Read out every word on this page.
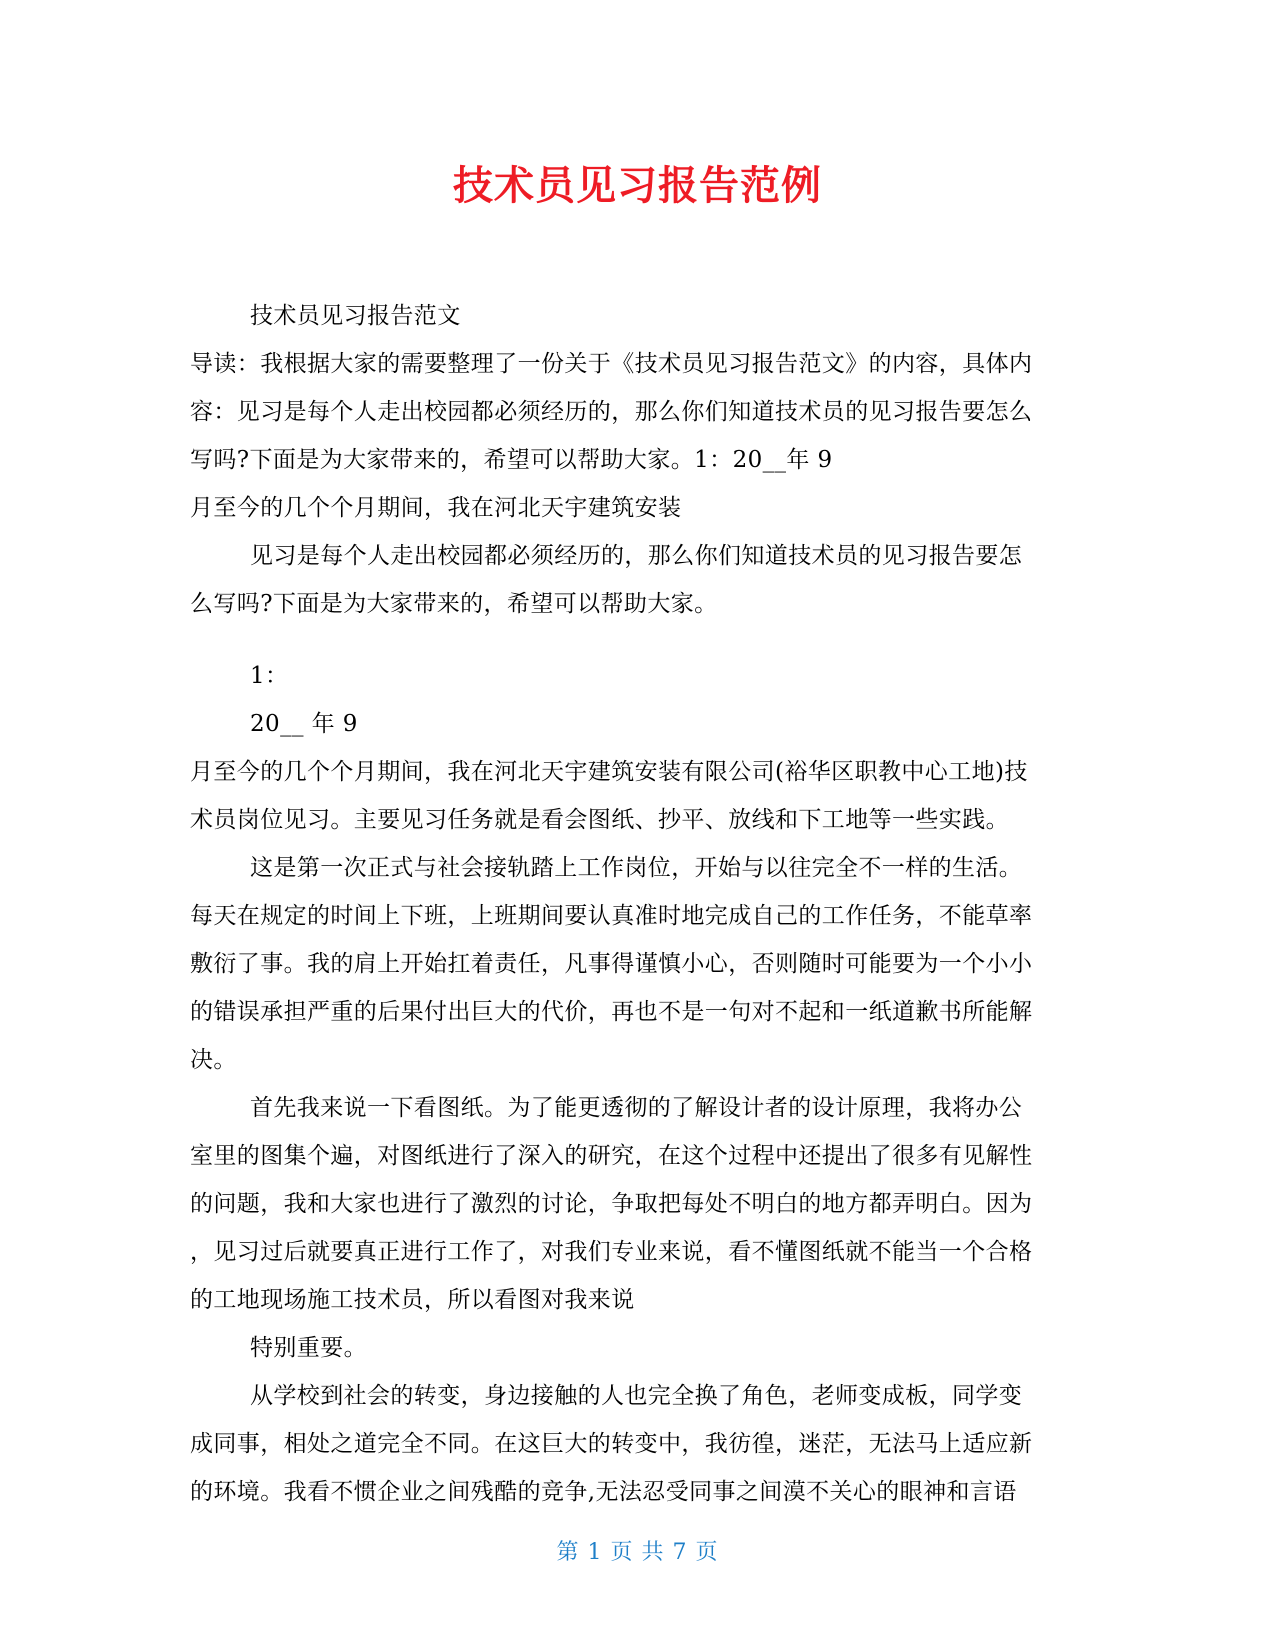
技术员见习报告范例
技术员见习报告范文
导读：我根据大家的需要整理了一份关于《技术员见习报告范文》的内容，具体内
容：见习是每个人走出校园都必须经历的，那么你们知道技术员的见习报告要怎么
写吗?下面是为大家带来的，希望可以帮助大家。1：20__年 9
月至今的几个个月期间，我在河北天宇建筑安装
见习是每个人走出校园都必须经历的，那么你们知道技术员的见习报告要怎
么写吗?下面是为大家带来的，希望可以帮助大家。
1：
20__ 年 9
月至今的几个个月期间，我在河北天宇建筑安装有限公司(裕华区职教中心工地)技
术员岗位见习。主要见习任务就是看会图纸、抄平、放线和下工地等一些实践。
这是第一次正式与社会接轨踏上工作岗位，开始与以往完全不一样的生活。
每天在规定的时间上下班，上班期间要认真准时地完成自己的工作任务，不能草率
敷衍了事。我的肩上开始扛着责任，凡事得谨慎小心，否则随时可能要为一个小小
的错误承担严重的后果付出巨大的代价，再也不是一句对不起和一纸道歉书所能解
决。
首先我来说一下看图纸。为了能更透彻的了解设计者的设计原理，我将办公
室里的图集个遍，对图纸进行了深入的研究，在这个过程中还提出了很多有见解性
的问题，我和大家也进行了激烈的讨论，争取把每处不明白的地方都弄明白。因为
，见习过后就要真正进行工作了，对我们专业来说，看不懂图纸就不能当一个合格
的工地现场施工技术员，所以看图对我来说
特别重要。
从学校到社会的转变，身边接触的人也完全换了角色，老师变成板，同学变
成同事，相处之道完全不同。在这巨大的转变中，我彷徨，迷茫，无法马上适应新
的环境。我看不惯企业之间残酷的竞争,无法忍受同事之间漠不关心的眼神和言语
第 1 页 共 7 页
